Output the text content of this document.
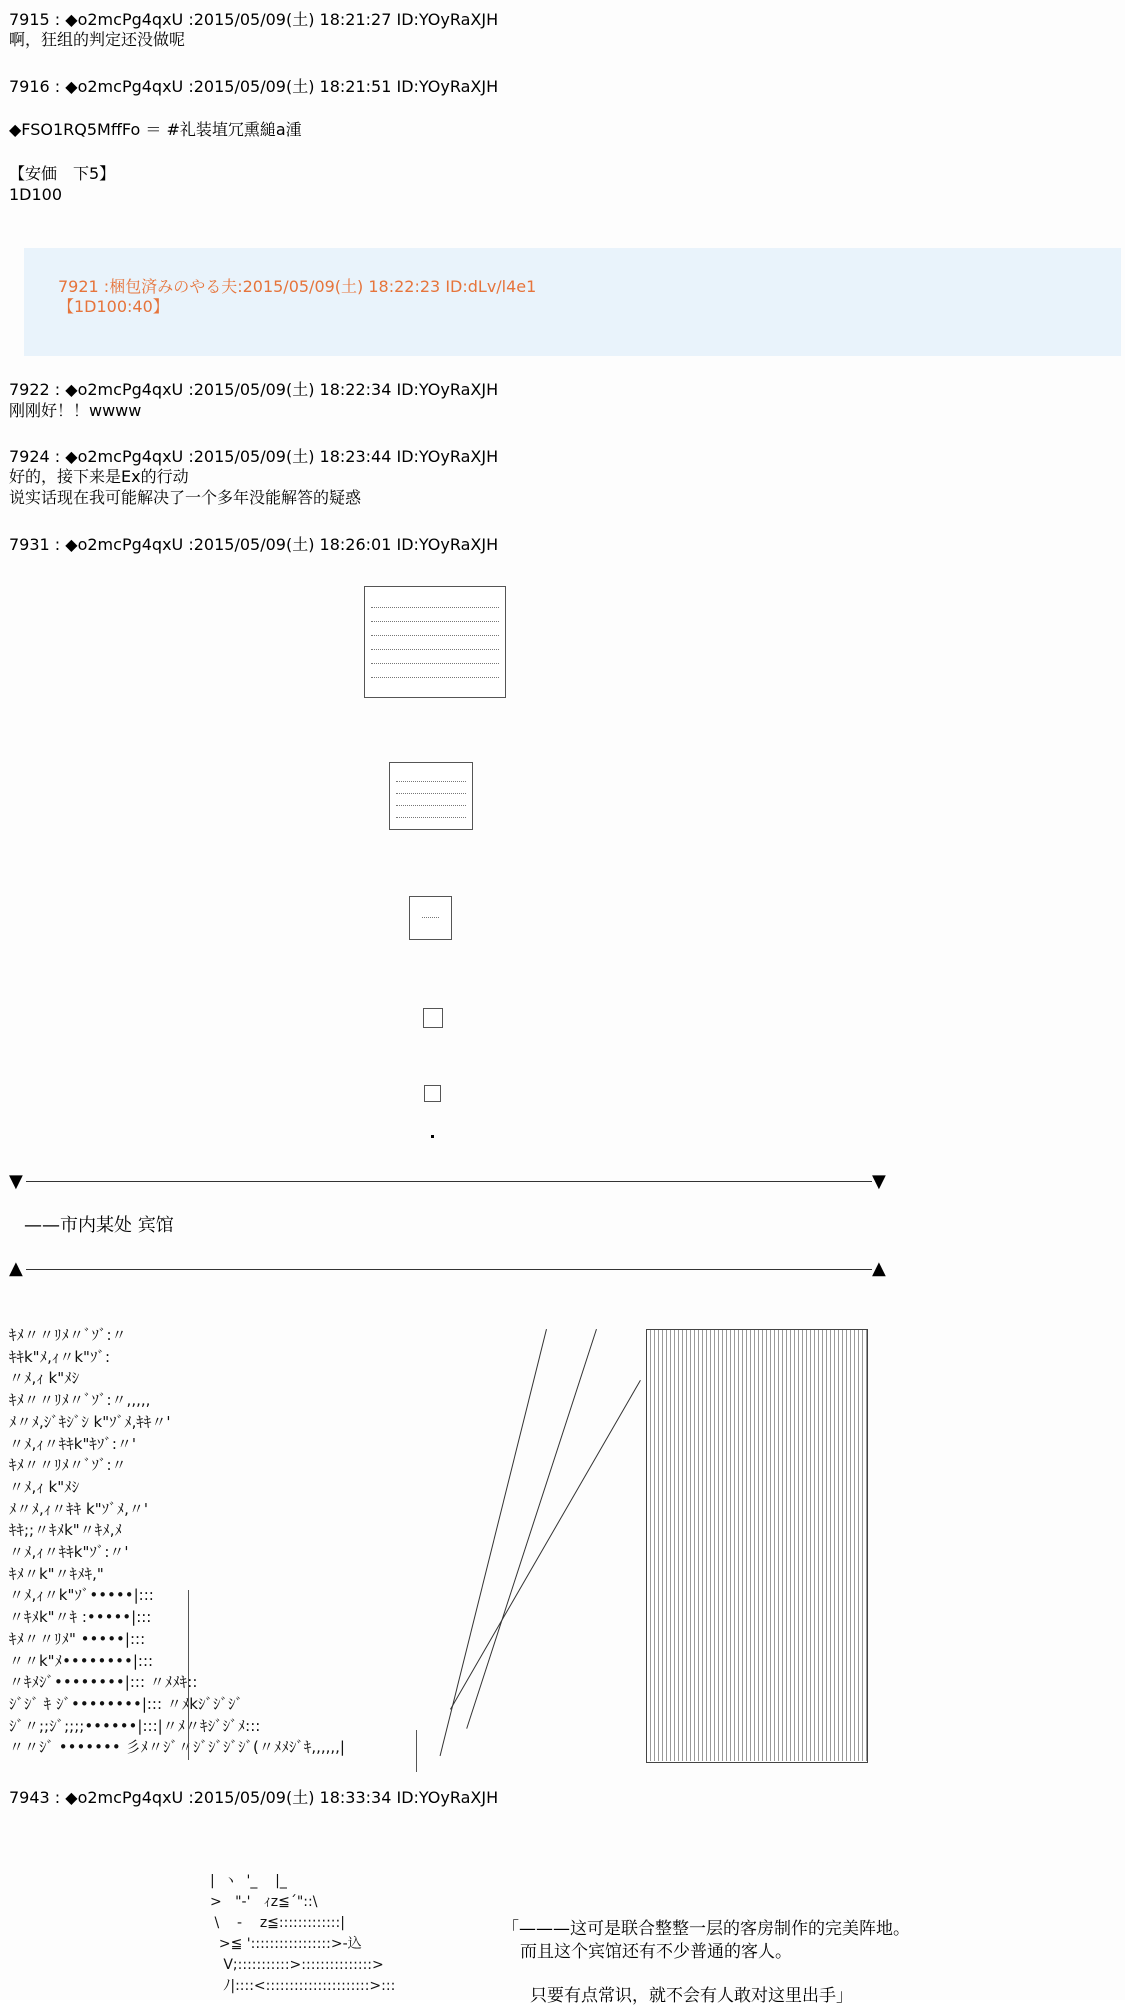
7915 : ◆o2mcPg4qxU :2015/05/09(土) 18:21:27 ID:YOyRaXJH
啊，狂组的判定还没做呢
7916 : ◆o2mcPg4qxU :2015/05/09(土) 18:21:51 ID:YOyRaXJH
◆FSO1RQ5MffFo ＝ #礼装埴冗熏縋a湩
【安価　下5】
1D100
7921 :梱包済みのやる夫:2015/05/09(土) 18:22:23 ID:dLv/l4e1
【1D100:40】
7922 : ◆o2mcPg4qxU :2015/05/09(土) 18:22:34 ID:YOyRaXJH
刚刚好！！wwww
7924 : ◆o2mcPg4qxU :2015/05/09(土) 18:23:44 ID:YOyRaXJH
好的，接下来是Ex的行动
说实话现在我可能解决了一个多年没能解答的疑惑
7931 : ◆o2mcPg4qxU :2015/05/09(土) 18:26:01 ID:YOyRaXJH
▼	▼
——市内某处 宾馆
▲	▲
ｷﾒ〃〃ﾘﾒ〃ﾞｿﾞ:〃
ｷｷk"ﾒ,ｨ〃k"ｿﾞ:
〃ﾒ,ｨ k"ﾒｼ
ｷﾒ〃〃ﾘﾒ〃ﾞｿﾞ:〃,,,,,
ﾒ〃ﾒ,ｼﾞｷｼﾞｼ k"ｿﾞﾒ,ｷｷ〃'
〃ﾒ,ｨ〃ｷｷk"ｷｿﾞ:〃'
ｷﾒ〃〃ﾘﾒ〃ﾞｿﾞ:〃
〃ﾒ,ｨ k"ﾒｼ
ﾒ〃ﾒ,ｨ〃ｷｷ k"ｿﾞﾒ,〃'
ｷｷ;;〃ｷﾒk"〃ｷﾒ,ﾒ
〃ﾒ,ｨ〃ｷｷk"ｿﾞ:〃'
ｷﾒ〃k"〃ｷﾒｷ,"
〃ﾒ,ｨ〃k"ｿﾞ•••••|:::
〃ｷﾒk"〃ｷ :•••••|:::
ｷﾒ〃〃ﾘﾒ" •••••|:::
〃〃k"ﾒ••••••••|:::
〃ｷﾒｼﾞ••••••••|::: 〃ﾒﾒｷ::
ｼﾞｼﾞ ｷ ｼﾞ••••••••|::: 〃ﾒkｼﾞｼﾞｼﾞ
ｼﾞ〃;;ｼﾞ;;;;••••••|:::|〃ﾒ〃ｷｼﾞｼﾞﾒ:::
〃〃ｼﾞ ••••••• 彡ﾒ〃ｼﾞ〃ｼﾞｼﾞｼﾞｼﾞ(〃ﾒﾒｼﾞｷ,,,,,,|
7943 : ◆o2mcPg4qxU :2015/05/09(土) 18:33:34 ID:YOyRaXJH
|  ヽ  '_    |_
>   "-'   ｨz≦´"::\
\    -    z≦:::::::::::::|
>≦ ':::::::::::::::::>-込
V;:::::::::::>:::::::::::::::>
ﾉ|::::<::::::::::::::::::::::>:::
「———这可是联合整整一层的客房制作的完美阵地。
而且这个宾馆还有不少普通的客人。
只要有点常识，就不会有人敢对这里出手」
